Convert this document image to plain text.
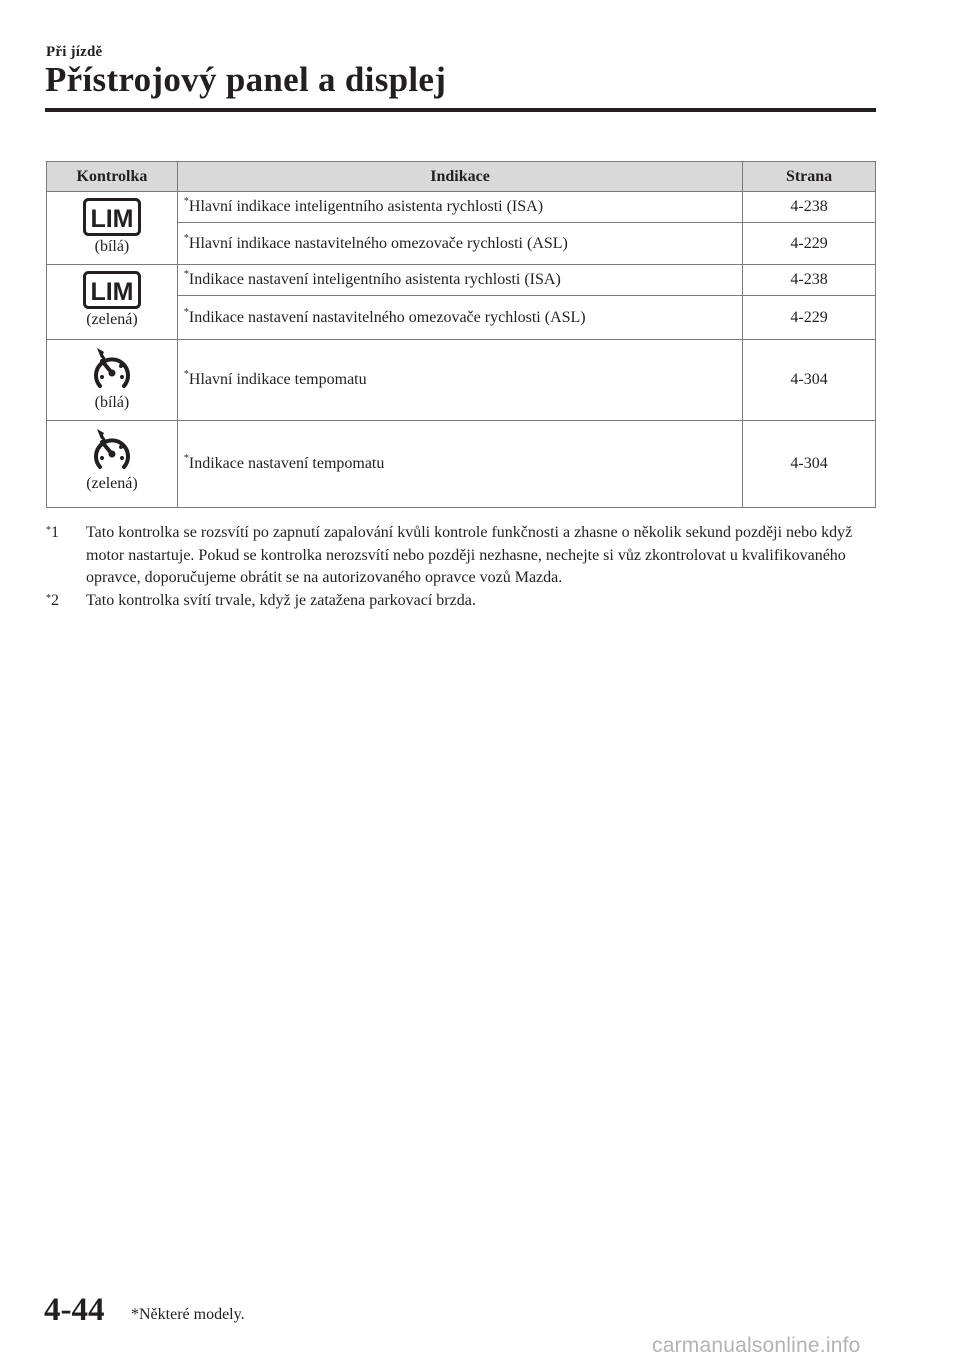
Při jízdě
Přístrojový panel a displej
Kontrolka	Indikace	Strana

LIM
(bílá)	*Hlavní indikace inteligentního asistenta rychlosti (ISA)	4-238
	*Hlavní indikace nastavitelného omezovače rychlosti (ASL)	4-229

LIM
(zelená)	*Indikace nastavení inteligentního asistenta rychlosti (ISA)	4-238
	*Indikace nastavení nastavitelného omezovače rychlosti (ASL)	4-229

(bílá)	*Hlavní indikace tempomatu	4-304

(zelená)	*Indikace nastavení tempomatu	4-304
*1	Tato kontrolka se rozsvítí po zapnutí zapalování kvůli kontrole funkčnosti a zhasne o několik sekund později nebo když motor nastartuje. Pokud se kontrolka nerozsvítí nebo později nezhasne, nechejte si vůz zkontrolovat u kvalifikovaného opravce, doporučujeme obrátit se na autorizovaného opravce vozů Mazda.
*2	Tato kontrolka svítí trvale, když je zatažena parkovací brzda.
4-44 *Některé modely.
carmanualsonline.info
